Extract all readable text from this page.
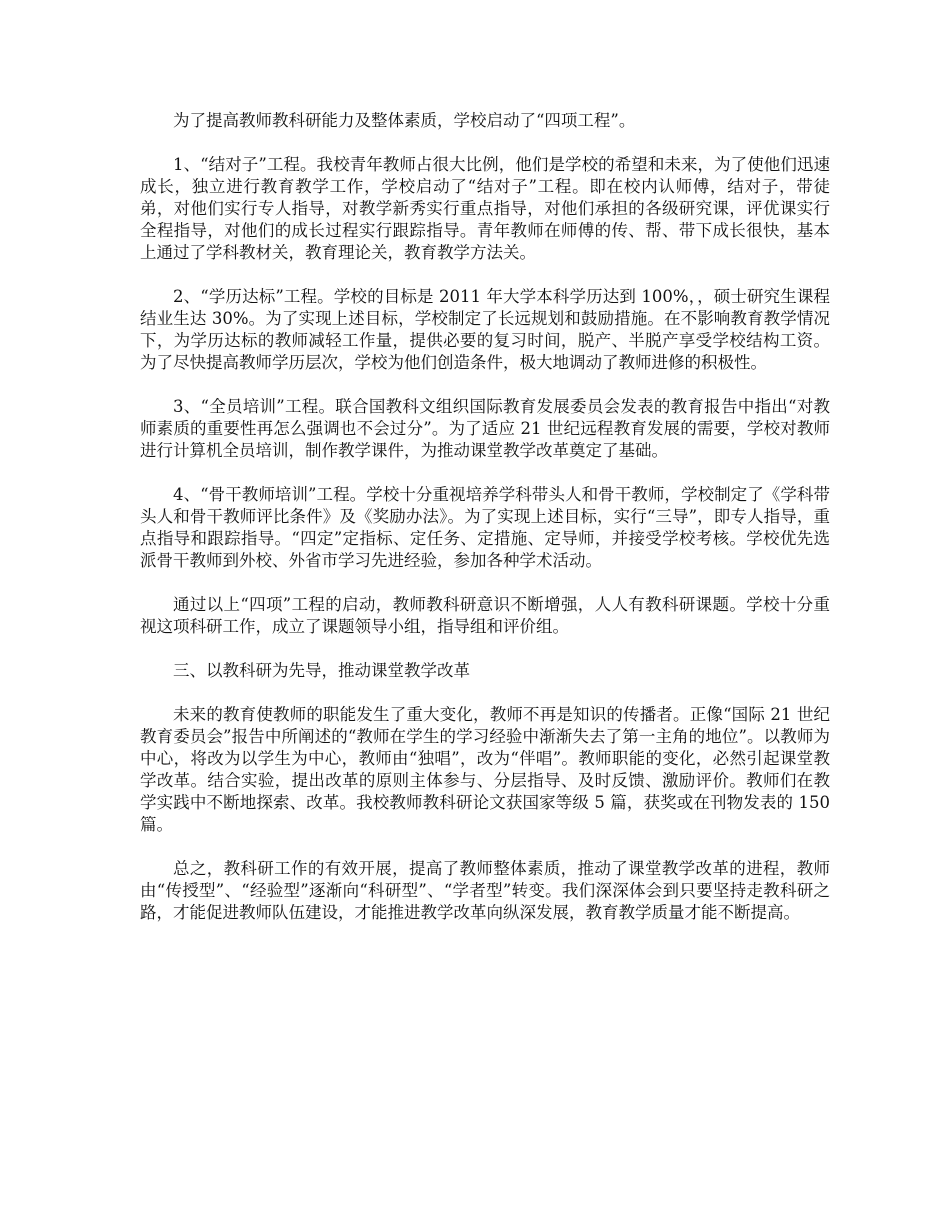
为了提高教师教科研能力及整体素质，学校启动了“四项工程”。

1、“结对子”工程。我校青年教师占很大比例，他们是学校的希望和未来，为了使他们迅速成长，独立进行教育教学工作，学校启动了“结对子”工程。即在校内认师傅，结对子，带徒弟，对他们实行专人指导，对教学新秀实行重点指导，对他们承担的各级研究课，评优课实行全程指导，对他们的成长过程实行跟踪指导。青年教师在师傅的传、帮、带下成长很快，基本上通过了学科教材关，教育理论关，教育教学方法关。

2、“学历达标”工程。学校的目标是 2011 年大学本科学历达到 100%，，硕士研究生课程结业生达 30%。为了实现上述目标，学校制定了长远规划和鼓励措施。在不影响教育教学情况下，为学历达标的教师减轻工作量，提供必要的复习时间，脱产、半脱产享受学校结构工资。为了尽快提高教师学历层次，学校为他们创造条件，极大地调动了教师进修的积极性。

3、“全员培训”工程。联合国教科文组织国际教育发展委员会发表的教育报告中指出“对教师素质的重要性再怎么强调也不会过分”。为了适应 21 世纪远程教育发展的需要，学校对教师进行计算机全员培训，制作教学课件，为推动课堂教学改革奠定了基础。

4、“骨干教师培训”工程。学校十分重视培养学科带头人和骨干教师，学校制定了《学科带头人和骨干教师评比条件》及《奖励办法》。为了实现上述目标，实行“三导”，即专人指导，重点指导和跟踪指导。“四定”定指标、定任务、定措施、定导师，并接受学校考核。学校优先选派骨干教师到外校、外省市学习先进经验，参加各种学术活动。

通过以上“四项”工程的启动，教师教科研意识不断增强，人人有教科研课题。学校十分重视这项科研工作，成立了课题领导小组，指导组和评价组。

三、以教科研为先导，推动课堂教学改革

未来的教育使教师的职能发生了重大变化，教师不再是知识的传播者。正像“国际 21 世纪教育委员会”报告中所阐述的“教师在学生的学习经验中渐渐失去了第一主角的地位”。以教师为中心，将改为以学生为中心，教师由“独唱”，改为“伴唱”。教师职能的变化，必然引起课堂教学改革。结合实验，提出改革的原则主体参与、分层指导、及时反馈、激励评价。教师们在教学实践中不断地探索、改革。我校教师教科研论文获国家等级 5 篇，获奖或在刊物发表的 150 篇。

总之，教科研工作的有效开展，提高了教师整体素质，推动了课堂教学改革的进程，教师由“传授型”、“经验型”逐渐向“科研型”、“学者型”转变。我们深深体会到只要坚持走教科研之路，才能促进教师队伍建设，才能推进教学改革向纵深发展，教育教学质量才能不断提高。
